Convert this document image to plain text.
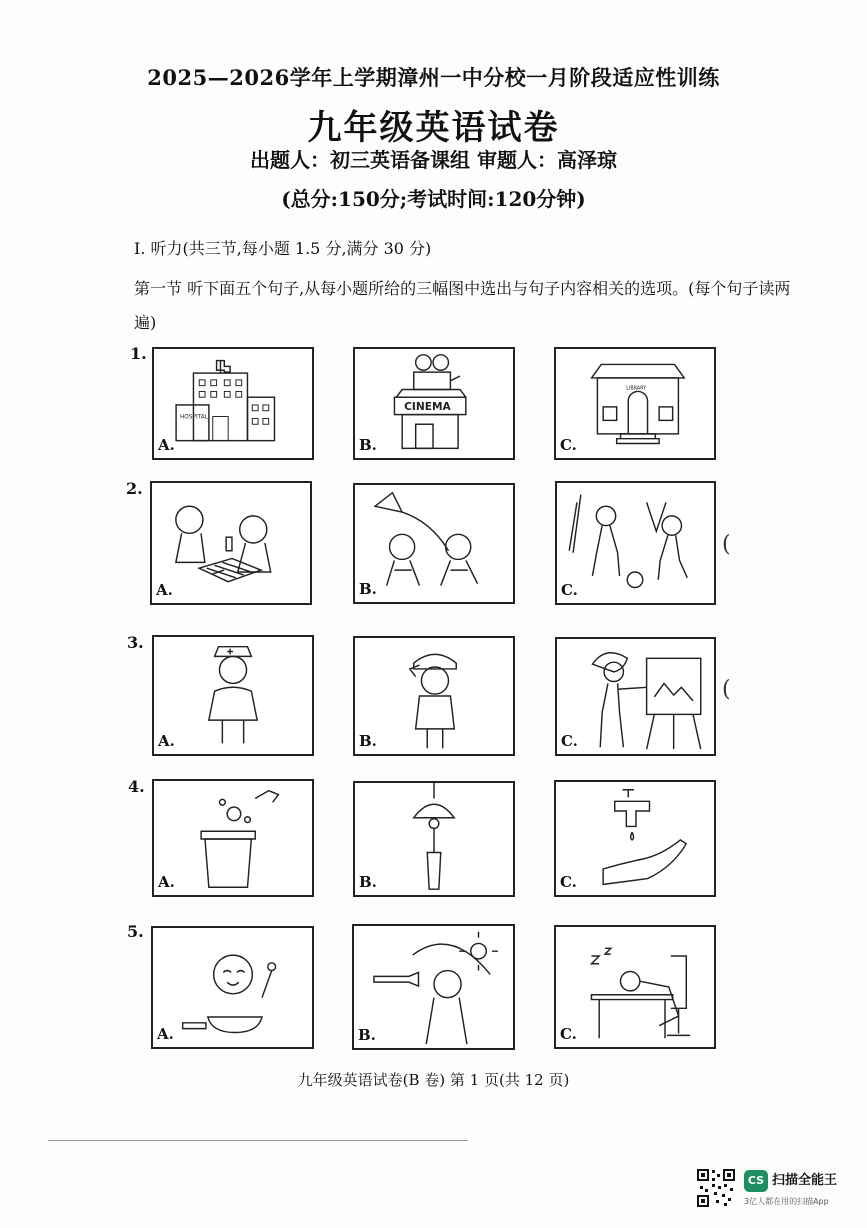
2025—2026学年上学期漳州一中分校一月阶段适应性训练
九年级英语试卷
出题人：初三英语备课组 审题人：高泽琼
(总分:150分;考试时间:120分钟)
Ⅰ. 听力(共三节,每小题 1.5 分,满分 30 分)
第一节 听下面五个句子,从每小题所给的三幅图中选出与句子内容相关的选项。(每个句子读两遍)
1.
HOSPITAL
A.
CINEMA
B.
LIBRARY
C.
2.
A.	B.	C.
(
3.
A.	B.	C.
(
4.
A.	B.	C.
5.
A.	B.	C.
九年级英语试卷(B 卷) 第 1 页(共 12 页)
CS 扫描全能王
3亿人都在用的扫描App
